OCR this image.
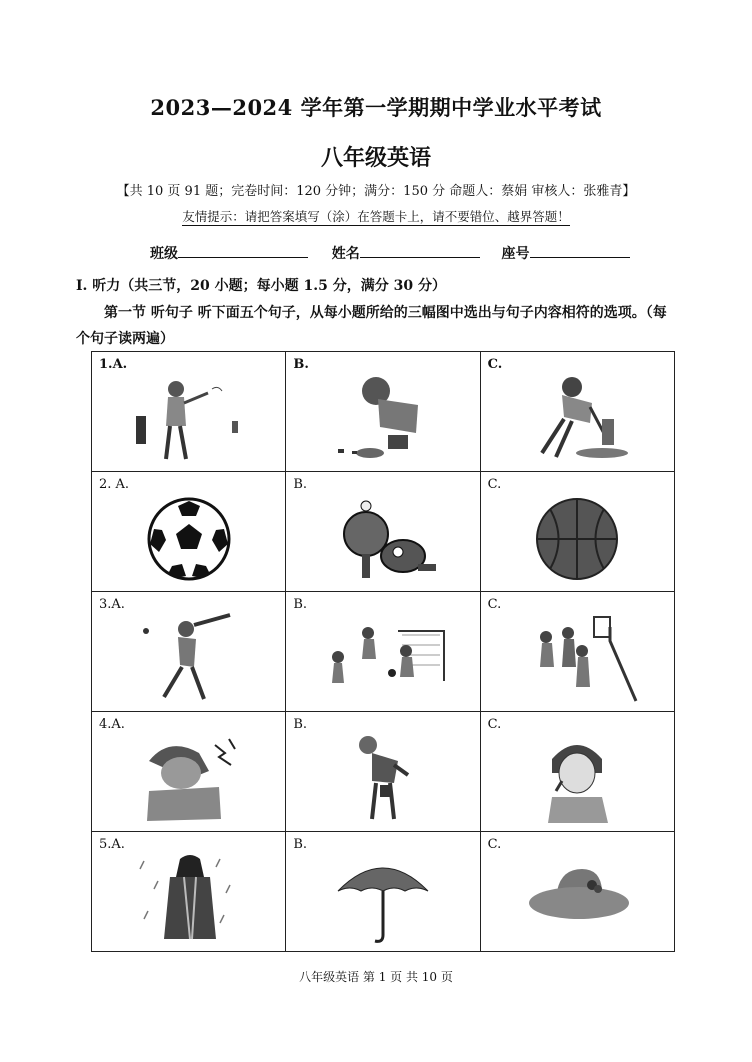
2023—2024 学年第一学期期中学业水平考试
八年级英语
【共 10 页 91 题；完卷时间：120 分钟；满分：150 分 命题人：蔡娟 审核人：张雅青】
友情提示：请把答案填写（涂）在答题卡上，请不要错位、越界答题！
班级	姓名	座号
I. 听力（共三节，20 小题；每小题 1.5 分，满分 30 分）
第一节 听句子 听下面五个句子，从每小题所给的三幅图中选出与句子内容相符的选项。（每个句子读两遍）
1.A.	B.	C.

2. A.	B.	C.

3.A.	B.	C.

4.A.	B.	C.

5.A.	B.	C.
八年级英语 第 1 页 共 10 页
